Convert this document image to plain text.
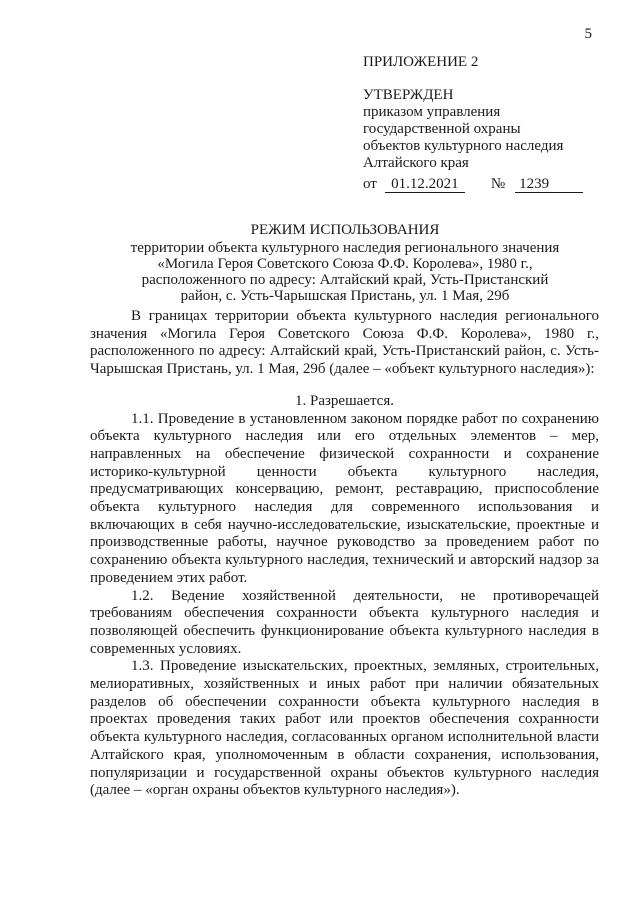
5
ПРИЛОЖЕНИЕ 2
УТВЕРЖДЕН
приказом управления
государственной охраны
объектов культурного наследия
Алтайского края
от 01.12.2021 № 1239
РЕЖИМ ИСПОЛЬЗОВАНИЯ
территории объекта культурного наследия регионального значения
«Могила Героя Советского Союза Ф.Ф. Королева», 1980 г.,
расположенного по адресу: Алтайский край, Усть-Пристанский
район, с. Усть-Чарышская Пристань, ул. 1 Мая, 29б

В границах территории объекта культурного наследия регионального значения «Могила Героя Советского Союза Ф.Ф. Королева», 1980 г., расположенного по адресу: Алтайский край, Усть-Пристанский район, с. Усть-Чарышская Пристань, ул. 1 Мая, 29б (далее – «объект культурного наследия»):

1. Разрешается.

1.1. Проведение в установленном законом порядке работ по сохранению объекта культурного наследия или его отдельных элементов – мер, направленных на обеспечение физической сохранности и сохранение историко-культурной ценности объекта культурного наследия, предусматривающих консервацию, ремонт, реставрацию, приспособление объекта культурного наследия для современного использования и включающих в себя научно-исследовательские, изыскательские, проектные и производственные работы, научное руководство за проведением работ по сохранению объекта культурного наследия, технический и авторский надзор за проведением этих работ.

1.2. Ведение хозяйственной деятельности, не противоречащей требованиям обеспечения сохранности объекта культурного наследия и позволяющей обеспечить функционирование объекта культурного наследия в современных условиях.

1.3. Проведение изыскательских, проектных, земляных, строительных, мелиоративных, хозяйственных и иных работ при наличии обязательных разделов об обеспечении сохранности объекта культурного наследия в проектах проведения таких работ или проектов обеспечения сохранности объекта культурного наследия, согласованных органом исполнительной власти Алтайского края, уполномоченным в области сохранения, использования, популяризации и государственной охраны объектов культурного наследия (далее – «орган охраны объектов культурного наследия»).
